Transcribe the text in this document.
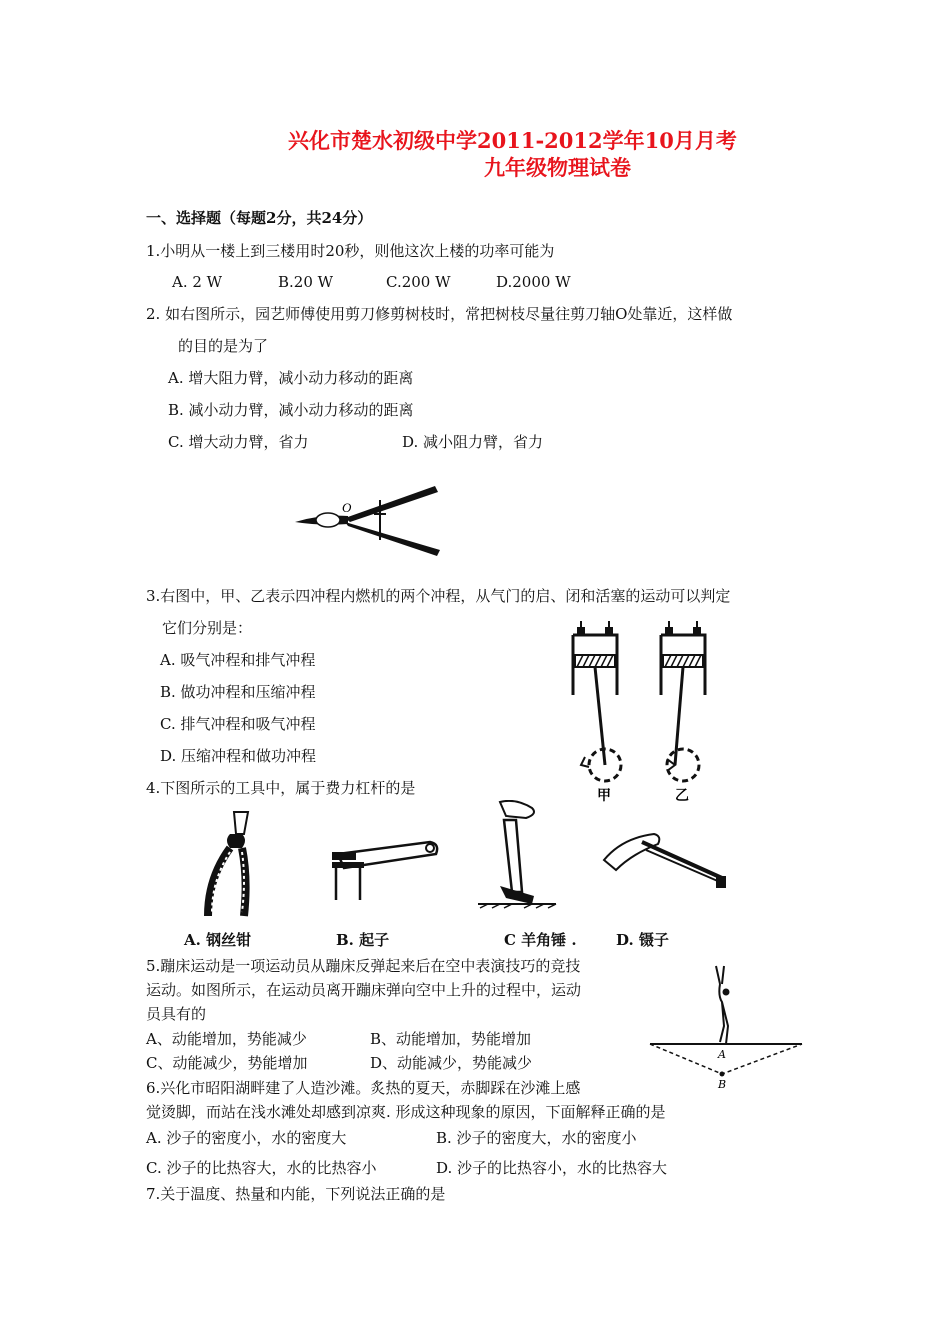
兴化市楚水初级中学2011-2012学年10月月考
九年级物理试卷
一、选择题（每题2分，共24分）
1.小明从一楼上到三楼用时20秒，则他这次上楼的功率可能为
A. 2 W	B.20 W	C.200 W	D.2000 W
2. 如右图所示，园艺师傅使用剪刀修剪树枝时，常把树枝尽量往剪刀轴O处靠近，这样做
的目的是为了
A. 增大阻力臂，减小动力移动的距离
B. 减小动力臂，减小动力移动的距离
C. 增大动力臂，省力	D. 减小阻力臂，省力
O
3.右图中，甲、乙表示四冲程内燃机的两个冲程，从气门的启、闭和活塞的运动可以判定
它们分别是：
A. 吸气冲程和排气冲程
B. 做功冲程和压缩冲程
C. 排气冲程和吸气冲程
D. 压缩冲程和做功冲程
甲	乙
4.下图所示的工具中，属于费力杠杆的是
A. 钢丝钳	B. 起子	C 羊角锤 .	D. 镊子
5.蹦床运动是一项运动员从蹦床反弹起来后在空中表演技巧的竞技
运动。如图所示，在运动员离开蹦床弹向空中上升的过程中，运动
员具有的
A、动能增加，势能减少	B、动能增加，势能增加
C、动能减少，势能增加	D、动能减少，势能减少	A
B
6.兴化市昭阳湖畔建了人造沙滩。炙热的夏天，赤脚踩在沙滩上感
觉烫脚，而站在浅水滩处却感到凉爽. 形成这种现象的原因，下面解释正确的是
A. 沙子的密度小，水的密度大	B. 沙子的密度大，水的密度小
C. 沙子的比热容大，水的比热容小	D. 沙子的比热容小，水的比热容大
7.关于温度、热量和内能，下列说法正确的是
